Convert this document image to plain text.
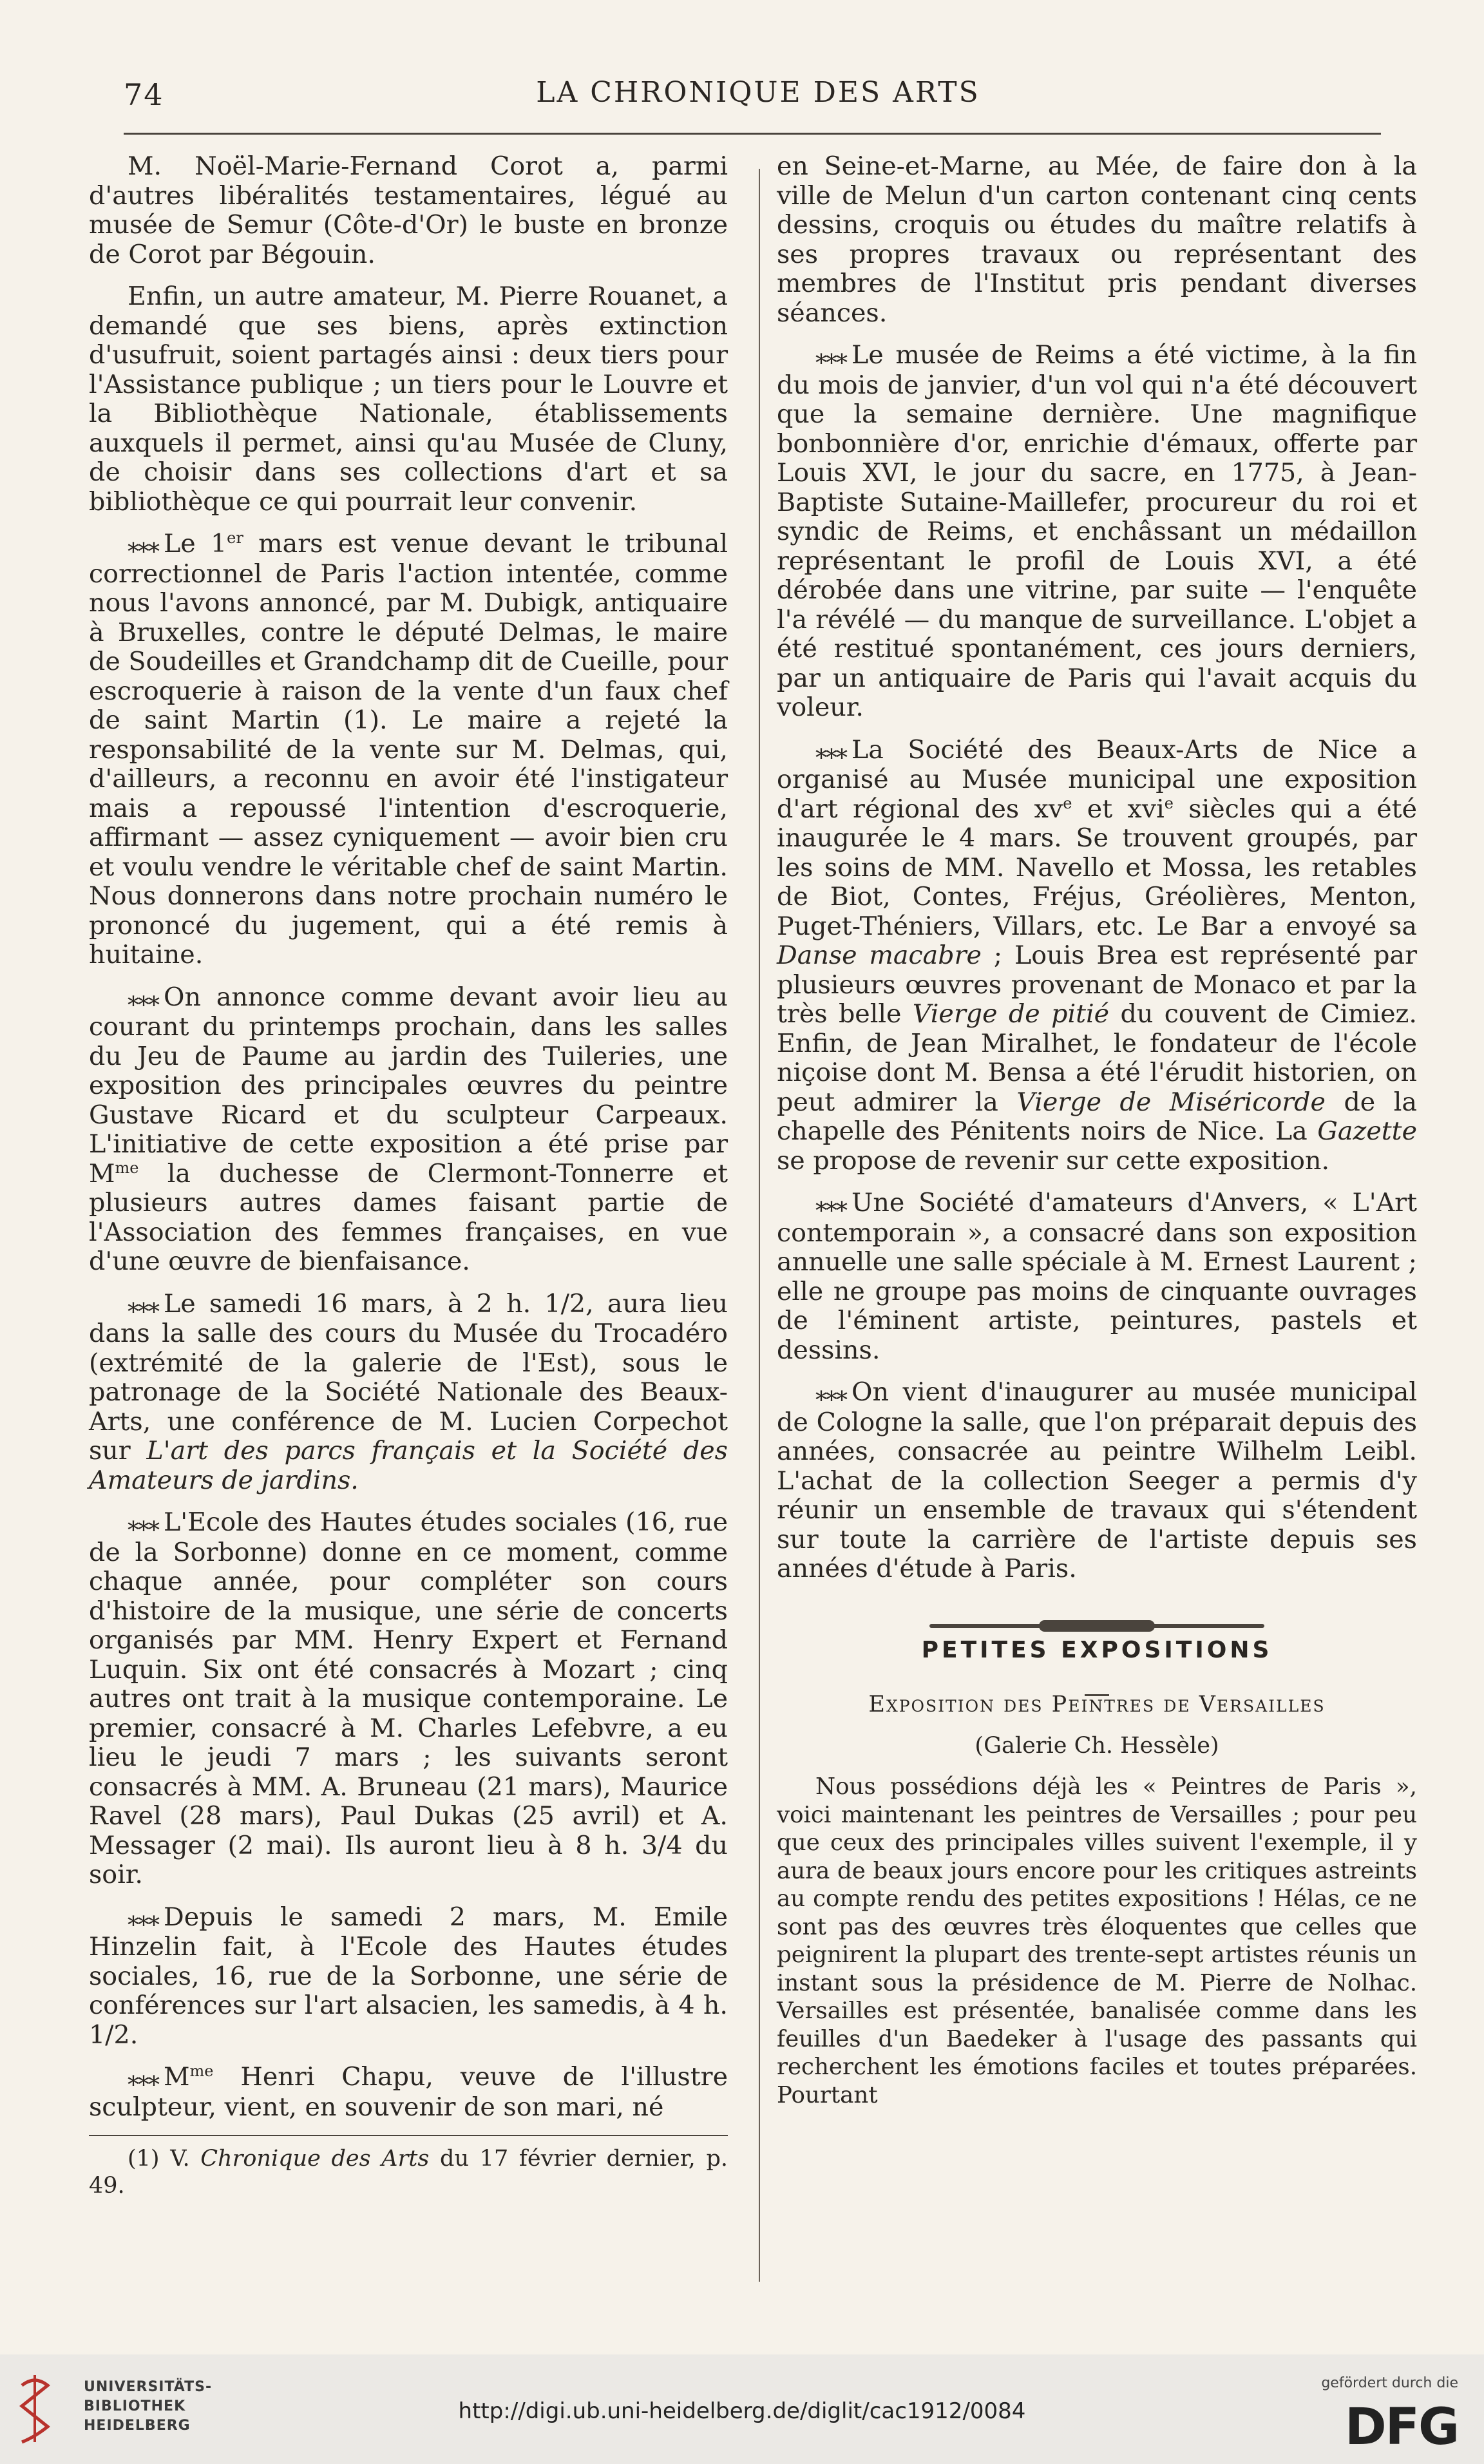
74	LA CHRONIQUE DES ARTS

M. Noël-Marie-Fernand Corot a, parmi d'autres libéralités testamentaires, légué au musée de Semur (Côte-d'Or) le buste en bronze de Corot par Bégouin.

Enfin, un autre amateur, M. Pierre Rouanet, a demandé que ses biens, après extinction d'usufruit, soient partagés ainsi : deux tiers pour l'Assistance publique ; un tiers pour le Louvre et la Bibliothèque Nationale, établissements auxquels il permet, ainsi qu'au Musée de Cluny, de choisir dans ses collections d'art et sa bibliothèque ce qui pourrait leur convenir.

⁎⁎⁎ Le 1er mars est venue devant le tribunal correctionnel de Paris l'action intentée, comme nous l'avons annoncé, par M. Dubigk, antiquaire à Bruxelles, contre le député Delmas, le maire de Soudeilles et Grandchamp dit de Cueille, pour escroquerie à raison de la vente d'un faux chef de saint Martin (1). Le maire a rejeté la responsabilité de la vente sur M. Delmas, qui, d'ailleurs, a reconnu en avoir été l'instigateur mais a repoussé l'intention d'escroquerie, affirmant — assez cyniquement — avoir bien cru et voulu vendre le véritable chef de saint Martin. Nous donnerons dans notre prochain numéro le prononcé du jugement, qui a été remis à huitaine.

⁎⁎⁎ On annonce comme devant avoir lieu au courant du printemps prochain, dans les salles du Jeu de Paume au jardin des Tuileries, une exposition des principales œuvres du peintre Gustave Ricard et du sculpteur Carpeaux. L'initiative de cette exposition a été prise par $M^{me}$ la duchesse de Clermont-Tonnerre et plusieurs autres dames faisant partie de l'Association des femmes françaises, en vue d'une œuvre de bienfaisance.

⁎⁎⁎ Le samedi 16 mars, à 2 h. 1/2, aura lieu dans la salle des cours du Musée du Trocadéro (extrémité de la galerie de l'Est), sous le patronage de la Société Nationale des Beaux-Arts, une conférence de M. Lucien Corpechot sur L'art des parcs français et la Société des Amateurs de jardins.

⁎⁎⁎ L'Ecole des Hautes études sociales (16, rue de la Sorbonne) donne en ce moment, comme chaque année, pour compléter son cours d'histoire de la musique, une série de concerts organisés par MM. Henry Expert et Fernand Luquin. Six ont été consacrés à Mozart ; cinq autres ont trait à la musique contemporaine. Le premier, consacré à M. Charles Lefebvre, a eu lieu le jeudi 7 mars ; les suivants seront consacrés à MM. A. Bruneau (21 mars), Maurice Ravel (28 mars), Paul Dukas (25 avril) et A. Messager (2 mai). Ils auront lieu à 8 h. 3/4 du soir.

⁎⁎⁎ Depuis le samedi 2 mars, M. Emile Hinzelin fait, à l'Ecole des Hautes études sociales, 16, rue de la Sorbonne, une série de conférences sur l'art alsacien, les samedis, à 4 h. 1/2.

⁎⁎⁎ $M^{me}$ Henri Chapu, veuve de l'illustre sculpteur, vient, en souvenir de son mari, né

(1) V. Chronique des Arts du 17 février dernier, p. 49.

en Seine-et-Marne, au Mée, de faire don à la ville de Melun d'un carton contenant cinq cents dessins, croquis ou études du maître relatifs à ses propres travaux ou représentant des membres de l'Institut pris pendant diverses séances.

⁎⁎⁎ Le musée de Reims a été victime, à la fin du mois de janvier, d'un vol qui n'a été découvert que la semaine dernière. Une magnifique bonbonnière d'or, enrichie d'émaux, offerte par Louis XVI, le jour du sacre, en 1775, à Jean-Baptiste Sutaine-Maillefer, procureur du roi et syndic de Reims, et enchâssant un médaillon représentant le profil de Louis XVI, a été dérobée dans une vitrine, par suite — l'enquête l'a révélé — du manque de surveillance. L'objet a été restitué spontanément, ces jours derniers, par un antiquaire de Paris qui l'avait acquis du voleur.

⁎⁎⁎ La Société des Beaux-Arts de Nice a organisé au Musée municipal une exposition d'art régional des $xv^e$ et xvi$^e$ siècles qui a été inaugurée le 4 mars. Se trouvent groupés, par les soins de MM. Navello et Mossa, les retables de Biot, Contes, Fréjus, Gréolières, Menton, Puget-Théniers, Villars, etc. Le Bar a envoyé sa Danse macabre ; Louis Brea est représenté par plusieurs œuvres provenant de Monaco et par la très belle Vierge de pitié du couvent de Cimiez. Enfin, de Jean Miralhet, le fondateur de l'école niçoise dont M. Bensa a été l'érudit historien, on peut admirer la Vierge de Miséricorde de la chapelle des Pénitents noirs de Nice. La Gazette se propose de revenir sur cette exposition.

⁎⁎⁎ Une Société d'amateurs d'Anvers, « L'Art contemporain », a consacré dans son exposition annuelle une salle spéciale à M. Ernest Laurent ; elle ne groupe pas moins de cinquante ouvrages de l'éminent artiste, peintures, pastels et dessins.

⁎⁎⁎ On vient d'inaugurer au musée municipal de Cologne la salle, que l'on préparait depuis des années, consacrée au peintre Wilhelm Leibl. L'achat de la collection Seeger a permis d'y réunir un ensemble de travaux qui s'étendent sur toute la carrière de l'artiste depuis ses années d'étude à Paris.

PETITES EXPOSITIONS

Exposition des Peintres de Versailles

(Galerie Ch. Hessèle)

Nous possédions déjà les « Peintres de Paris », voici maintenant les peintres de Versailles ; pour peu que ceux des principales villes suivent l'exemple, il y aura de beaux jours encore pour les critiques astreints au compte rendu des petites expositions ! Hélas, ce ne sont pas des œuvres très éloquentes que celles que peignirent la plupart des trente-sept artistes réunis un instant sous la présidence de M. Pierre de Nolhac. Versailles est présentée, banalisée comme dans les feuilles d'un Baedeker à l'usage des passants qui recherchent les émotions faciles et toutes préparées. Pourtant

UNIVERSITÄTS-
BIBLIOTHEK
HEIDELBERG
http://digi.ub.uni-heidelberg.de/diglit/cac1912/0084
gefördert durch die
DFG
